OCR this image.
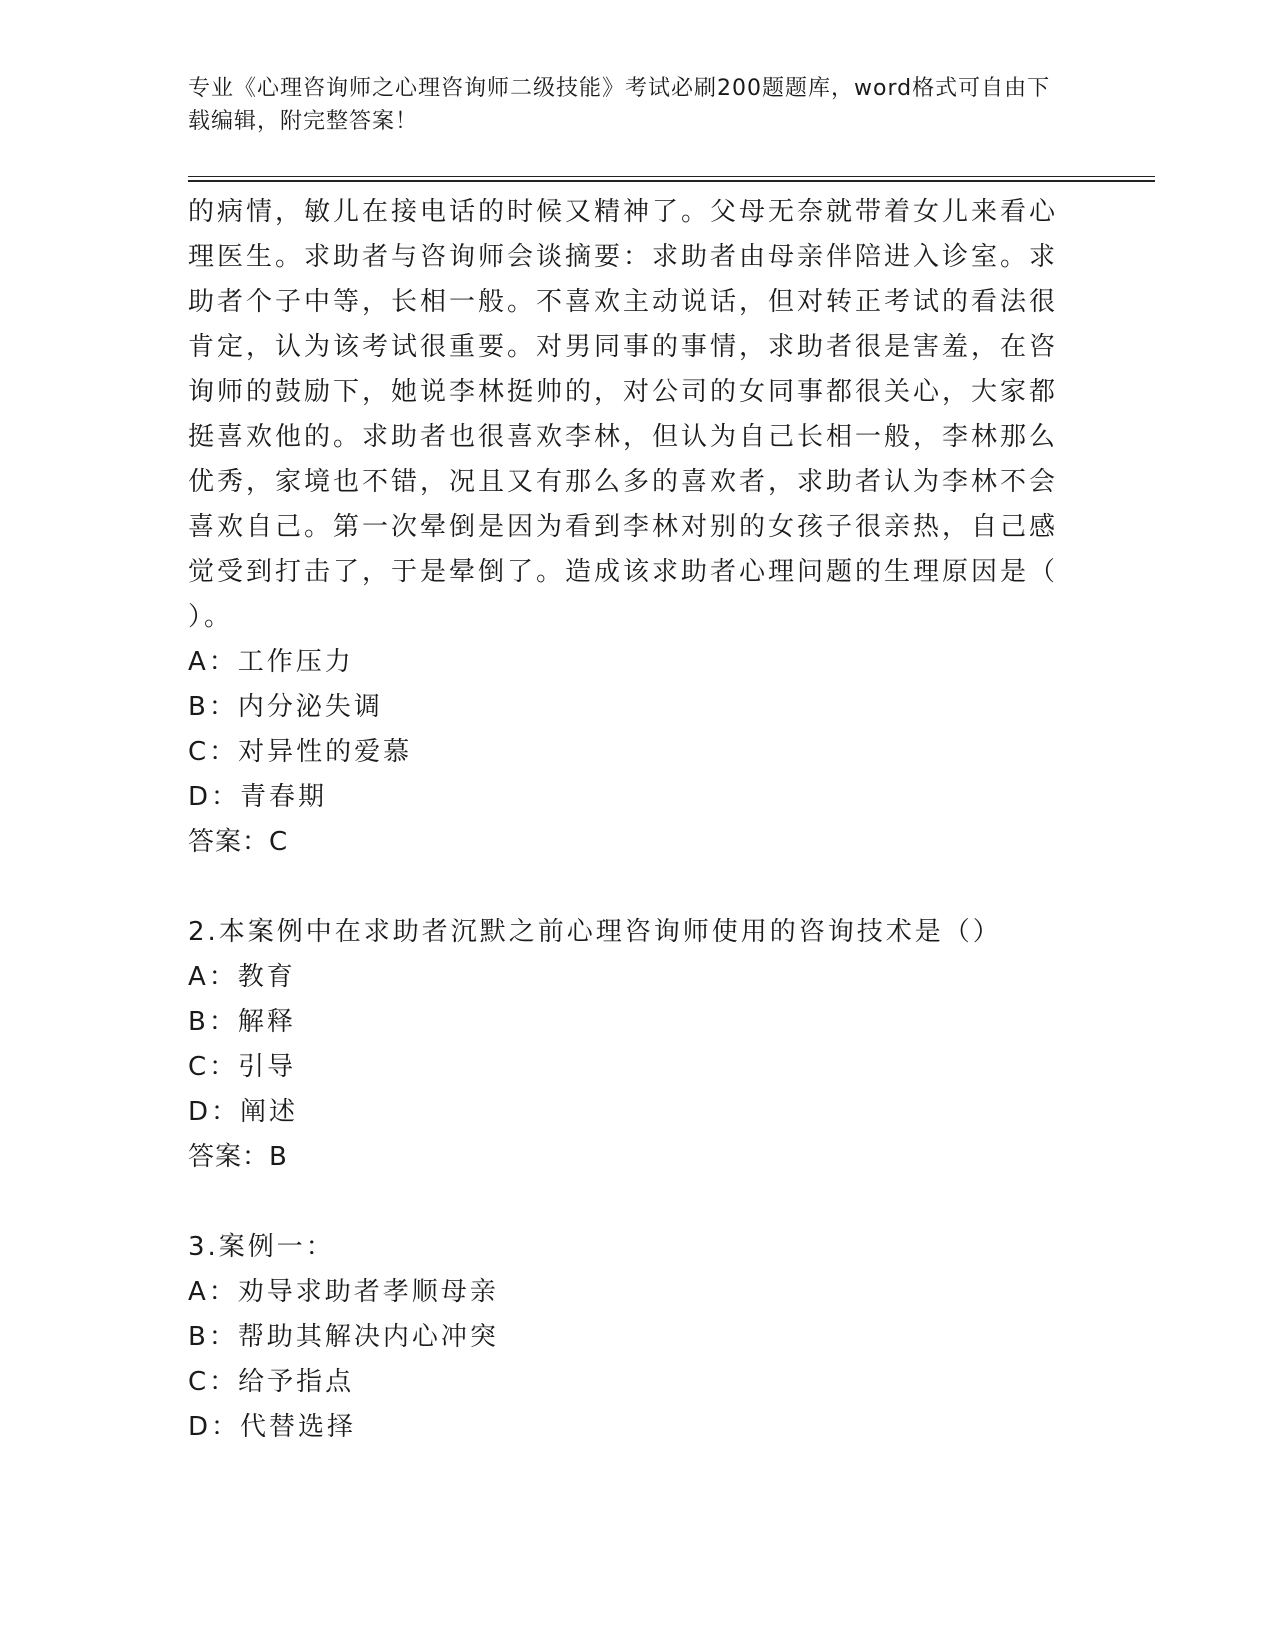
专业《心理咨询师之心理咨询师二级技能》考试必刷200题题库，word格式可自由下载编辑，附完整答案！

的病情，敏儿在接电话的时候又精神了。父母无奈就带着女儿来看心理医生。求助者与咨询师会谈摘要：求助者由母亲伴陪进入诊室。求助者个子中等，长相一般。不喜欢主动说话，但对转正考试的看法很肯定，认为该考试很重要。对男同事的事情，求助者很是害羞，在咨询师的鼓励下，她说李林挺帅的，对公司的女同事都很关心，大家都挺喜欢他的。求助者也很喜欢李林，但认为自己长相一般，李林那么优秀，家境也不错，况且又有那么多的喜欢者，求助者认为李林不会喜欢自己。第一次晕倒是因为看到李林对别的女孩子很亲热，自己感觉受到打击了，于是晕倒了。造成该求助者心理问题的生理原因是（ ）。

A：工作压力

B：内分泌失调

C：对异性的爱慕

D：青春期

答案：C

2.本案例中在求助者沉默之前心理咨询师使用的咨询技术是（）

A：教育

B：解释

C：引导

D：阐述

答案：B

3.案例一：

A：劝导求助者孝顺母亲

B：帮助其解决内心冲突

C：给予指点

D：代替选择
